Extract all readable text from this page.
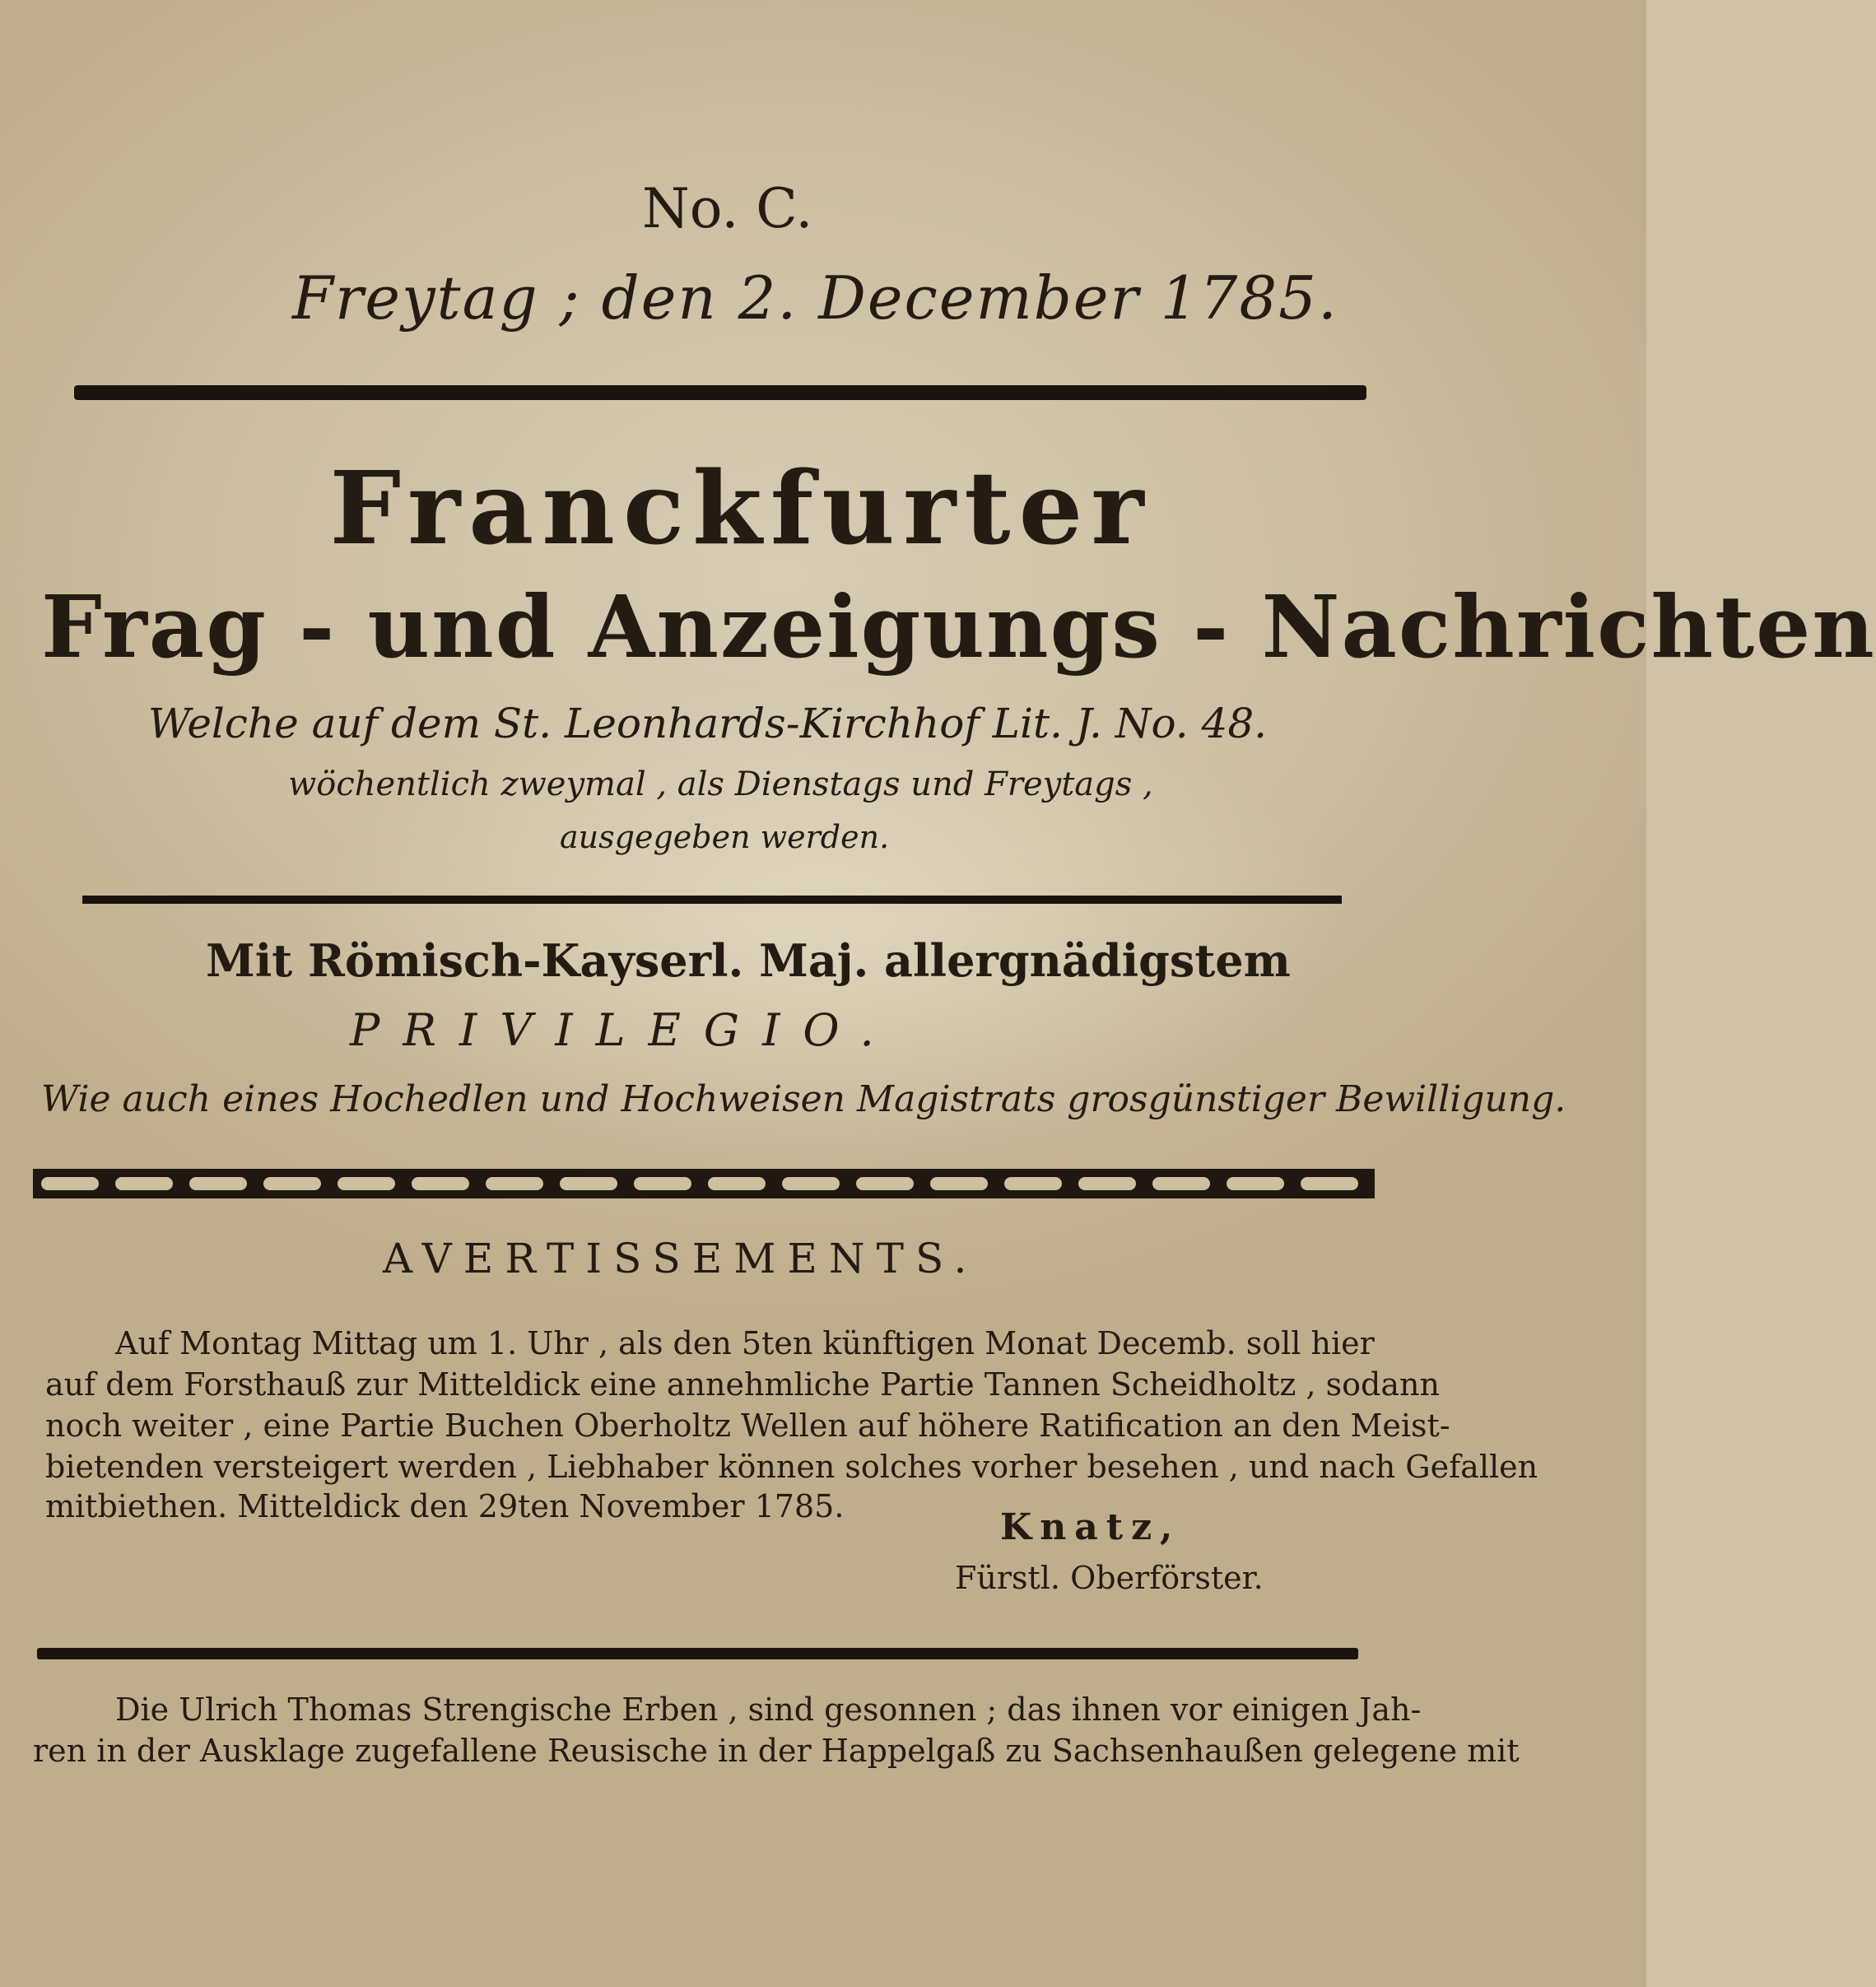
No. C.
Freytag ; den 2. December 1785.
Franckfurter
Frag - und Anzeigungs - Nachrichten
Welche auf dem St. Leonhards-Kirchhof Lit. J. No. 48.
wöchentlich zweymal , als Dienstags und Freytags ,
ausgegeben werden.
Mit Römisch-Kayserl. Maj. allergnädigstem
PRIVILEGIO.
Wie auch eines Hochedlen und Hochweisen Magistrats grosgünstiger Bewilligung.
AVERTISSEMENTS.
Auf Montag Mittag um 1. Uhr , als den 5ten künftigen Monat Decemb. soll hier
auf dem Forsthauß zur Mitteldick eine annehmliche Partie Tannen Scheidholtz , sodann
noch weiter , eine Partie Buchen Oberholtz Wellen auf höhere Ratification an den Meist-
bietenden versteigert werden , Liebhaber können solches vorher besehen , und nach Gefallen
mitbiethen. Mitteldick den 29ten November 1785.	Knatz,
Fürstl. Oberförster.
Die Ulrich Thomas Strengische Erben , sind gesonnen ; das ihnen vor einigen Jah-
ren in der Ausklage zugefallene Reusische in der Happelgaß zu Sachsenhaußen gelegene mit
